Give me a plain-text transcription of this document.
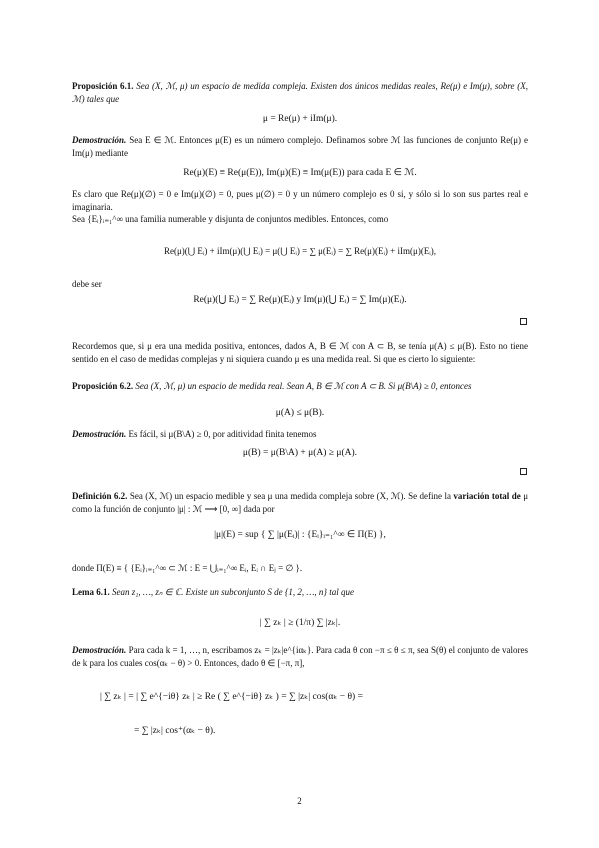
Proposición 6.1. Sea (X, ℳ, μ) un espacio de medida compleja. Existen dos únicos medidas reales, Re(μ) e Im(μ), sobre (X, ℳ) tales que

μ = Re(μ) + iIm(μ).

Demostración. Sea E ∈ ℳ. Entonces μ(E) es un número complejo. Definamos sobre ℳ las funciones de conjunto Re(μ) e Im(μ) mediante

Re(μ)(E) ≡ Re(μ(E)), Im(μ)(E) ≡ Im(μ(E)) para cada E ∈ ℳ.

Es claro que Re(μ)(∅) = 0 e Im(μ)(∅) = 0, pues μ(∅) = 0 y un número complejo es 0 si, y sólo si lo son sus partes real e imaginaria.

Sea {Eᵢ}ᵢ₌₁^∞ una familia numerable y disjunta de conjuntos medibles. Entonces, como

Re(μ)(⋃ Eᵢ) + iIm(μ)(⋃ Eᵢ) = μ(⋃ Eᵢ) = ∑ μ(Eᵢ) = ∑ Re(μ)(Eᵢ) + iIm(μ)(Eᵢ),

debe ser

Re(μ)(⋃ Eᵢ) = ∑ Re(μ)(Eᵢ) y Im(μ)(⋃ Eᵢ) = ∑ Im(μ)(Eᵢ).

Recordemos que, si μ era una medida positiva, entonces, dados A, B ∈ ℳ con A ⊂ B, se tenía μ(A) ≤ μ(B). Esto no tiene sentido en el caso de medidas complejas y ni siquiera cuando μ es una medida real. Si que es cierto lo siguiente:

Proposición 6.2. Sea (X, ℳ, μ) un espacio de medida real. Sean A, B ∈ ℳ con A ⊂ B. Si μ(B\A) ≥ 0, entonces

μ(A) ≤ μ(B).

Demostración. Es fácil, si μ(B\A) ≥ 0, por aditividad finita tenemos

μ(B) = μ(B\A) + μ(A) ≥ μ(A).

Definición 6.2. Sea (X, ℳ) un espacio medible y sea μ una medida compleja sobre (X, ℳ). Se define la variación total de μ como la función de conjunto |μ| : ℳ ⟶ [0, ∞] dada por

|μ|(E) = sup { ∑ |μ(Eᵢ)| : {Eᵢ}ᵢ₌₁^∞ ∈ Π(E) },

donde Π(E) ≡ { {Eᵢ}ᵢ₌₁^∞ ⊂ ℳ : E = ⋃ᵢ₌₁^∞ Eᵢ, Eᵢ ∩ Eⱼ = ∅ }.

Lema 6.1. Sean z₁, …, zₙ ∈ ℂ. Existe un subconjunto S de {1, 2, …, n} tal que

| ∑ zₖ | ≥ (1/π) ∑ |zₖ|.

Demostración. Para cada k = 1, …, n, escribamos zₖ = |zₖ|e^{iαₖ}. Para cada θ con −π ≤ θ ≤ π, sea S(θ) el conjunto de valores de k para los cuales cos(αₖ − θ) > 0. Entonces, dado θ ∈ [−π, π],

| ∑ zₖ | = | ∑ e^{−iθ} zₖ | ≥ Re ( ∑ e^{−iθ} zₖ ) = ∑ |zₖ| cos(αₖ − θ) =
= ∑ |zₖ| cos⁺(αₖ − θ).
2
